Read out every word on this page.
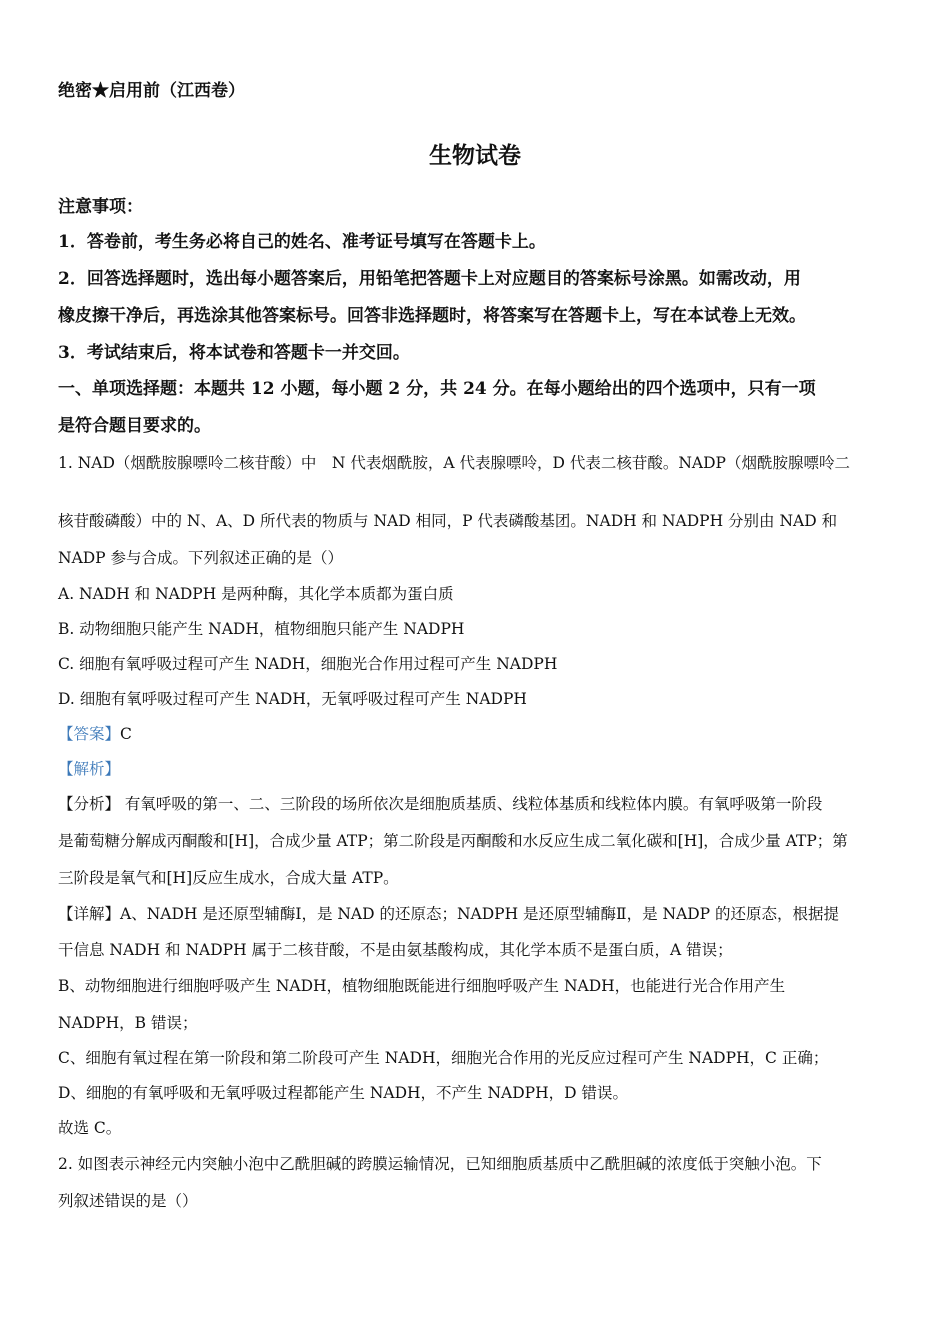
绝密★启用前（江西卷）
生物试卷
注意事项：
1．答卷前，考生务必将自己的姓名、准考证号填写在答题卡上。
2．回答选择题时，选出每小题答案后，用铅笔把答题卡上对应题目的答案标号涂黑。如需改动，用
橡皮擦干净后，再选涂其他答案标号。回答非选择题时，将答案写在答题卡上，写在本试卷上无效。
3．考试结束后，将本试卷和答题卡一并交回。
一、单项选择题：本题共 12 小题，每小题 2 分，共 24 分。在每小题给出的四个选项中，只有一项
是符合题目要求的。
1. NAD（烟酰胺腺嘌呤二核苷酸）中　N 代表烟酰胺，A 代表腺嘌呤，D 代表二核苷酸。NADP（烟酰胺腺嘌呤二
核苷酸磷酸）中的 N、A、D 所代表的物质与 NAD 相同，P 代表磷酸基团。NADH 和 NADPH 分别由 NAD 和
NADP 参与合成。下列叙述正确的是（）
A. NADH 和 NADPH 是两种酶，其化学本质都为蛋白质
B. 动物细胞只能产生 NADH，植物细胞只能产生 NADPH
C. 细胞有氧呼吸过程可产生 NADH，细胞光合作用过程可产生 NADPH
D. 细胞有氧呼吸过程可产生 NADH，无氧呼吸过程可产生 NADPH
【答案】C
【解析】
【分析】 有氧呼吸的第一、二、三阶段的场所依次是细胞质基质、线粒体基质和线粒体内膜。有氧呼吸第一阶段
是葡萄糖分解成丙酮酸和[H]，合成少量 ATP；第二阶段是丙酮酸和水反应生成二氧化碳和[H]，合成少量 ATP；第
三阶段是氧气和[H]反应生成水，合成大量 ATP。
【详解】A、NADH 是还原型辅酶Ⅰ，是 NAD 的还原态；NADPH 是还原型辅酶Ⅱ，是 NADP 的还原态，根据提
干信息 NADH 和 NADPH 属于二核苷酸，不是由氨基酸构成，其化学本质不是蛋白质，A 错误；
B、动物细胞进行细胞呼吸产生 NADH，植物细胞既能进行细胞呼吸产生 NADH，也能进行光合作用产生
NADPH，B 错误；
C、细胞有氧过程在第一阶段和第二阶段可产生 NADH，细胞光合作用的光反应过程可产生 NADPH，C 正确；
D、细胞的有氧呼吸和无氧呼吸过程都能产生 NADH，不产生 NADPH，D 错误。
故选 C。
2. 如图表示神经元内突触小泡中乙酰胆碱的跨膜运输情况，已知细胞质基质中乙酰胆碱的浓度低于突触小泡。下
列叙述错误的是（）
